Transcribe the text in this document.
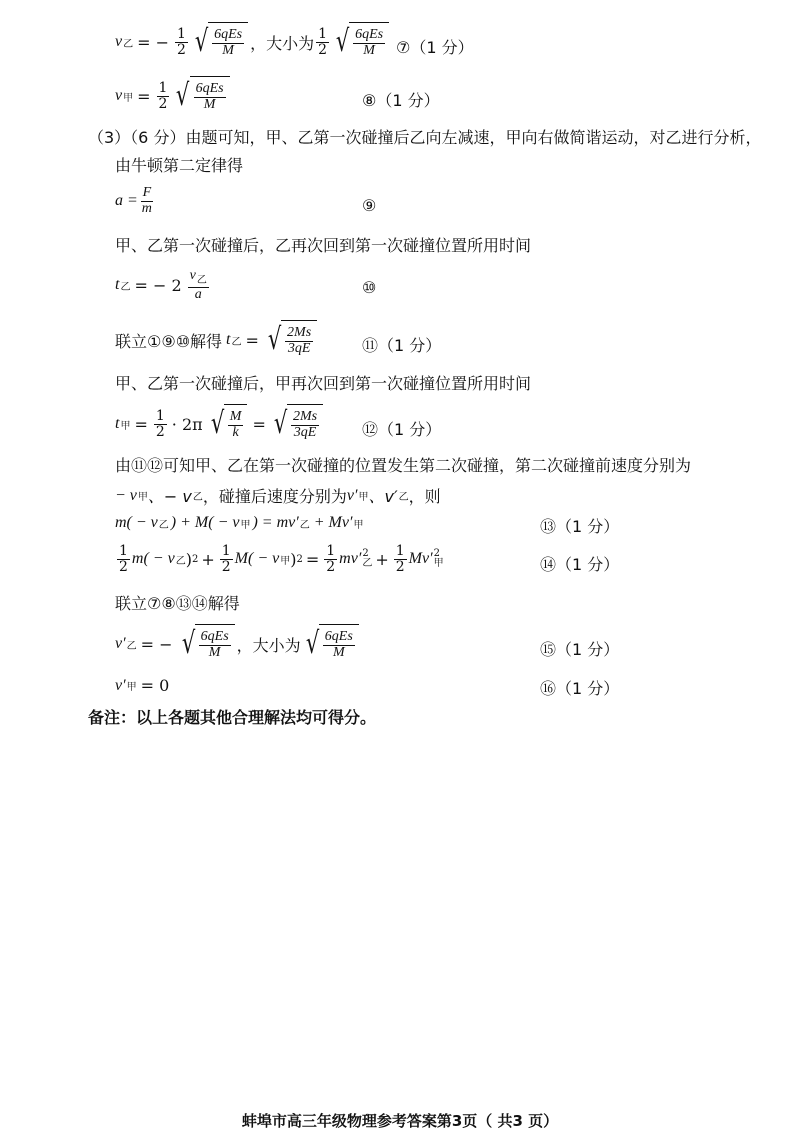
v 乙 = − $\frac{1}{2}$ √ $\frac{\text{6qEs}}{M}$ ，大小为 $\frac{1}{2}$ √ $\frac{\text{6qEs}}{M}$ ⑦（1 分）
v 甲 = $\frac{1}{2}$ √ $\frac{\text{6qEs}}{M}$	⑧（1 分）
（3）（6 分）由题可知，甲、乙第一次碰撞后乙向左减速，甲向右做简谐运动，对乙进行分析，
由牛顿第二定律得
$a = \frac{F}{m}$	⑨
甲、乙第一次碰撞后，乙再次回到第一次碰撞位置所用时间
t 乙 = − $2 \frac{v_乙}{a}$	⑩
联立①⑨⑩解得 t 乙 = √ $\frac{2Ms}{3qE}$	⑪（1 分）
甲、乙第一次碰撞后，甲再次回到第一次碰撞位置所用时间
t 甲 = $\frac{1}{2} \cdot 2\pi$ √ $\frac{M}{k}$ = √ $\frac{2Ms}{3qE}$	⑫（1 分）
由⑪⑫可知甲、乙在第一次碰撞的位置发生第二次碰撞，第二次碰撞前速度分别为
− v 甲 、− v 乙 ，碰撞后速度分别为 v′ 甲 、v′ 乙 ，则
m( − v 乙 ) + M( − v 甲 ) = mv′ 乙 + Mv′ 甲	⑬（1 分）
$\frac{1}{2} m( - v$ 乙 ) $2 + \frac{1}{2} M( - v$ 甲 ) $2 = \frac{1}{2} mv'$ 2
乙 + $\frac{1}{2} Mv'$ 2
甲	⑭（1 分）
联立⑦⑧⑬⑭解得
v′ 乙 = − √ $\frac{\text{6qEs}}{M}$ ，大小为 √ $\frac{\text{6qEs}}{M}$	⑮（1 分）
v′ 甲 = 0	⑯（1 分）
备注：以上各题其他合理解法均可得分。
蚌埠市高三年级物理参考答案第3页（ 共3 页）
